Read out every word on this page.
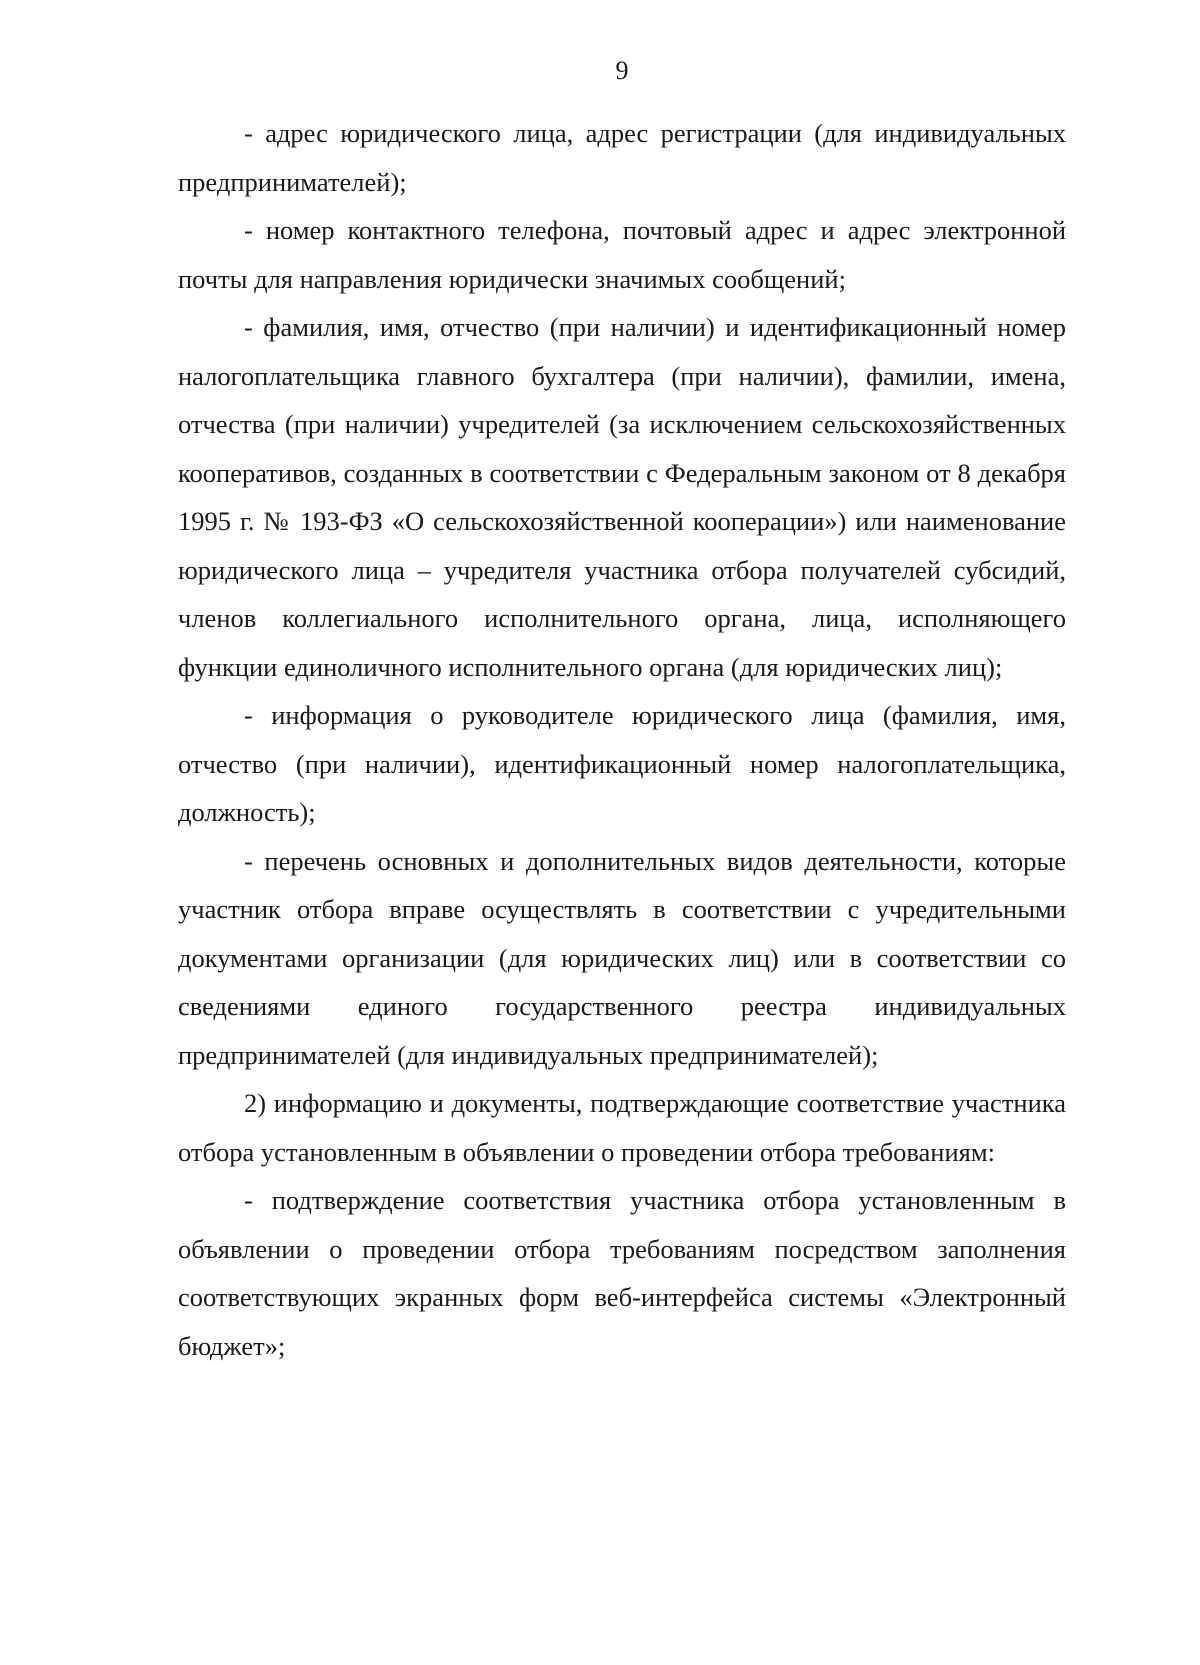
9

- адрес юридического лица, адрес регистрации (для индивидуальных предпринимателей);

- номер контактного телефона, почтовый адрес и адрес электронной почты для направления юридически значимых сообщений;

- фамилия, имя, отчество (при наличии) и идентификационный номер налогоплательщика главного бухгалтера (при наличии), фамилии, имена, отчества (при наличии) учредителей (за исключением сельскохозяйственных кооперативов, созданных в соответствии с Федеральным законом от 8 декабря 1995 г. № 193-ФЗ «О сельскохозяйственной кооперации») или наименование юридического лица – учредителя участника отбора получателей субсидий, членов коллегиального исполнительного органа, лица, исполняющего функции единоличного исполнительного органа (для юридических лиц);

- информация о руководителе юридического лица (фамилия, имя, отчество (при наличии), идентификационный номер налогоплательщика, должность);

- перечень основных и дополнительных видов деятельности, которые участник отбора вправе осуществлять в соответствии с учредительными документами организации (для юридических лиц) или в соответствии со сведениями единого государственного реестра индивидуальных предпринимателей (для индивидуальных предпринимателей);

2) информацию и документы, подтверждающие соответствие участника отбора установленным в объявлении о проведении отбора требованиям:

- подтверждение соответствия участника отбора установленным в объявлении о проведении отбора требованиям посредством заполнения соответствующих экранных форм веб-интерфейса системы «Электронный бюджет»;
